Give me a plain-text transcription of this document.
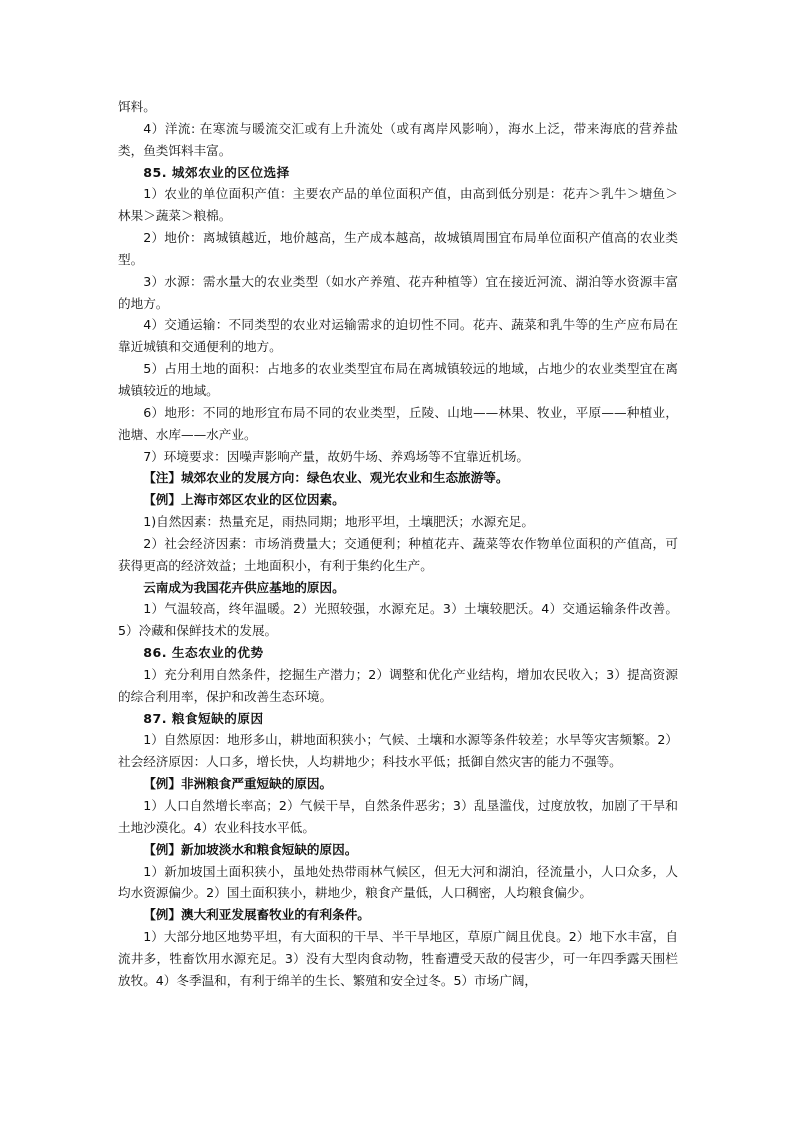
饵料。

4）洋流: 在寒流与暖流交汇或有上升流处（或有离岸风影响），海水上泛，带来海底的营养盐类，鱼类饵料丰富。

85. 城郊农业的区位选择

1）农业的单位面积产值：主要农产品的单位面积产值，由高到低分别是：花卉＞乳牛＞塘鱼＞林果＞蔬菜＞粮棉。

2）地价：离城镇越近，地价越高，生产成本越高，故城镇周围宜布局单位面积产值高的农业类型。

3）水源：需水量大的农业类型（如水产养殖、花卉种植等）宜在接近河流、湖泊等水资源丰富的地方。

4）交通运输：不同类型的农业对运输需求的迫切性不同。花卉、蔬菜和乳牛等的生产应布局在靠近城镇和交通便利的地方。

5）占用土地的面积：占地多的农业类型宜布局在离城镇较远的地域，占地少的农业类型宜在离城镇较近的地域。

6）地形：不同的地形宜布局不同的农业类型，丘陵、山地——林果、牧业，平原——种植业，池塘、水库——水产业。

7）环境要求：因噪声影响产量，故奶牛场、养鸡场等不宜靠近机场。

【注】城郊农业的发展方向：绿色农业、观光农业和生态旅游等。

【例】上海市郊区农业的区位因素。

1)自然因素：热量充足，雨热同期；地形平坦，土壤肥沃；水源充足。

2）社会经济因素：市场消费量大；交通便利；种植花卉、蔬菜等农作物单位面积的产值高，可获得更高的经济效益；土地面积小，有利于集约化生产。

云南成为我国花卉供应基地的原因。

1）气温较高，终年温暖。2）光照较强，水源充足。3）土壤较肥沃。4）交通运输条件改善。5）冷藏和保鲜技术的发展。

86. 生态农业的优势

1）充分利用自然条件，挖掘生产潜力；2）调整和优化产业结构，增加农民收入；3）提高资源的综合利用率，保护和改善生态环境。

87. 粮食短缺的原因

1）自然原因：地形多山，耕地面积狭小；气候、土壤和水源等条件较差；水旱等灾害频繁。2）社会经济原因：人口多，增长快，人均耕地少；科技水平低；抵御自然灾害的能力不强等。

【例】非洲粮食严重短缺的原因。

1）人口自然增长率高；2）气候干旱，自然条件恶劣；3）乱垦滥伐，过度放牧，加剧了干旱和土地沙漠化。4）农业科技水平低。

【例】新加坡淡水和粮食短缺的原因。

1）新加坡国土面积狭小，虽地处热带雨林气候区，但无大河和湖泊，径流量小，人口众多，人均水资源偏少。2）国土面积狭小，耕地少，粮食产量低，人口稠密，人均粮食偏少。

【例】澳大利亚发展畜牧业的有利条件。

1）大部分地区地势平坦，有大面积的干旱、半干旱地区，草原广阔且优良。2）地下水丰富，自流井多，牲畜饮用水源充足。3）没有大型肉食动物，牲畜遭受天敌的侵害少，可一年四季露天围栏放牧。4）冬季温和，有利于绵羊的生长、繁殖和安全过冬。5）市场广阔，
